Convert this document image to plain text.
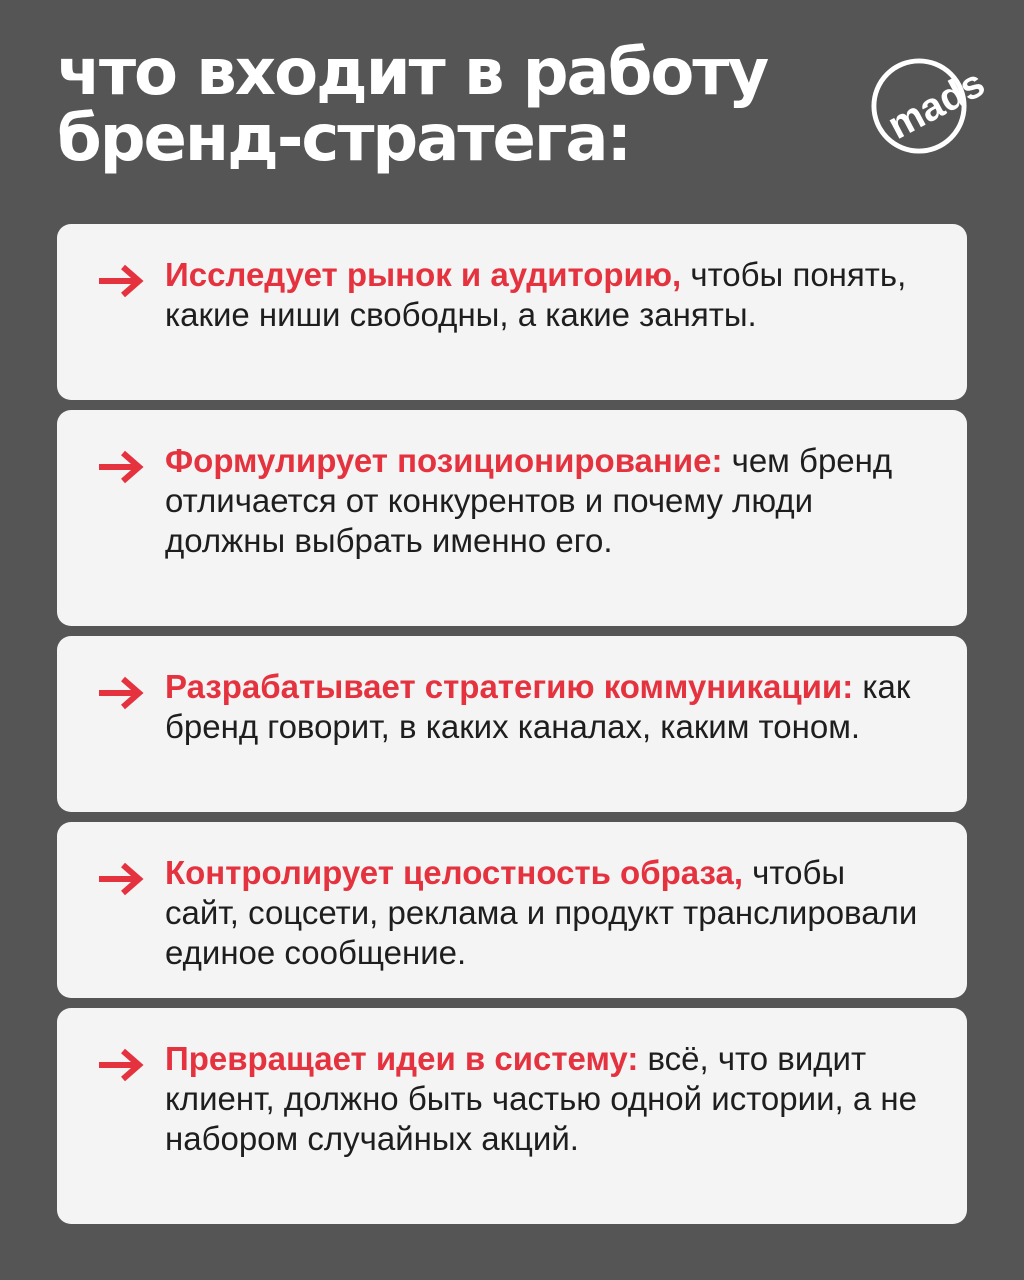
что входит в работу
бренд-стратега:	mads

Исследует рынок и аудиторию, чтобы понять, какие ниши свободны, а какие заняты.

Формулирует позиционирование: чем бренд отличается от конкурентов и почему люди должны выбрать именно его.

Разрабатывает стратегию коммуникации: как бренд говорит, в каких каналах, каким тоном.

Контролирует целостность образа, чтобы сайт, соцсети, реклама и продукт транслировали единое сообщение.

Превращает идеи в систему: всё, что видит клиент, должно быть частью одной истории, а не набором случайных акций.
